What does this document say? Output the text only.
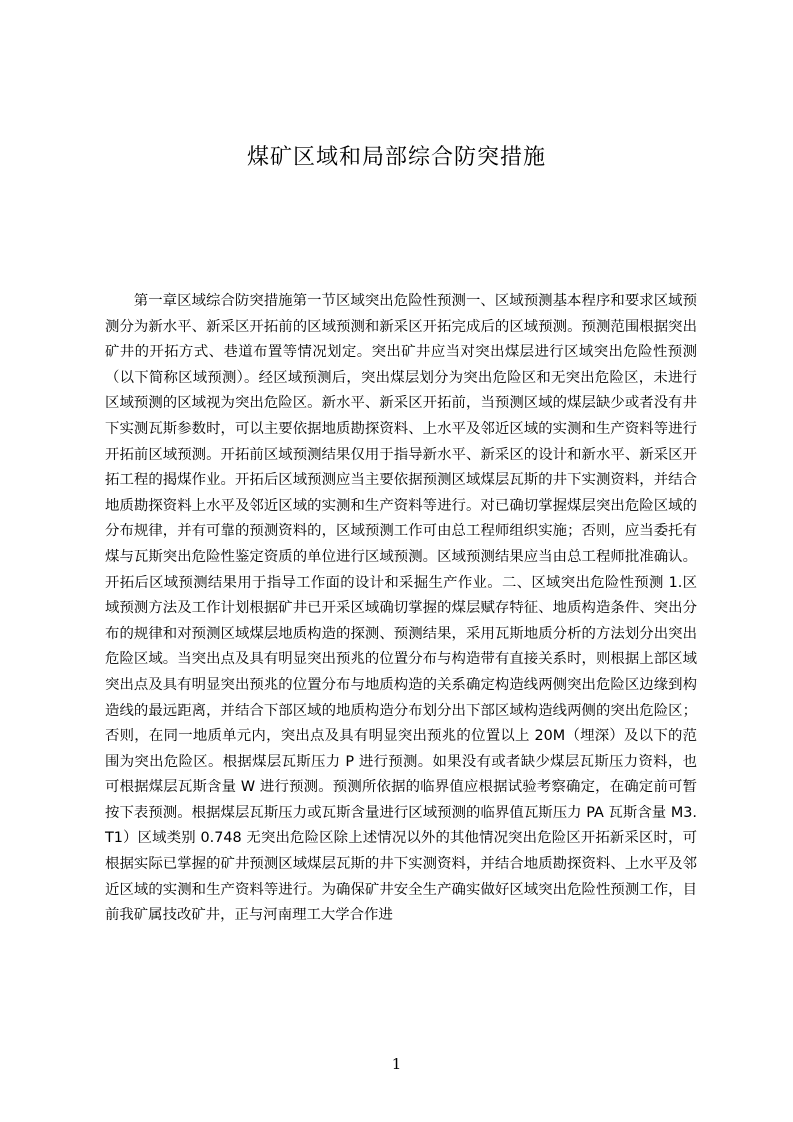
煤矿区域和局部综合防突措施

第一章区域综合防突措施第一节区域突出危险性预测一、区域预测基本程序和要求区域预测分为新水平、新采区开拓前的区域预测和新采区开拓完成后的区域预测。预测范围根据突出矿井的开拓方式、巷道布置等情况划定。突出矿井应当对突出煤层进行区域突出危险性预测（以下简称区域预测）。经区域预测后，突出煤层划分为突出危险区和无突出危险区，未进行区域预测的区域视为突出危险区。新水平、新采区开拓前，当预测区域的煤层缺少或者没有井下实测瓦斯参数时，可以主要依据地质勘探资料、上水平及邻近区域的实测和生产资料等进行开拓前区域预测。开拓前区域预测结果仅用于指导新水平、新采区的设计和新水平、新采区开拓工程的揭煤作业。开拓后区域预测应当主要依据预测区域煤层瓦斯的井下实测资料，并结合地质勘探资料上水平及邻近区域的实测和生产资料等进行。对已确切掌握煤层突出危险区域的分布规律，并有可靠的预测资料的，区域预测工作可由总工程师组织实施；否则，应当委托有煤与瓦斯突出危险性鉴定资质的单位进行区域预测。区域预测结果应当由总工程师批准确认。开拓后区域预测结果用于指导工作面的设计和采掘生产作业。二、区域突出危险性预测 1.区域预测方法及工作计划根据矿井已开采区域确切掌握的煤层赋存特征、地质构造条件、突出分布的规律和对预测区域煤层地质构造的探测、预测结果，采用瓦斯地质分析的方法划分出突出危险区域。当突出点及具有明显突出预兆的位置分布与构造带有直接关系时，则根据上部区域突出点及具有明显突出预兆的位置分布与地质构造的关系确定构造线两侧突出危险区边缘到构造线的最远距离，并结合下部区域的地质构造分布划分出下部区域构造线两侧的突出危险区；否则，在同一地质单元内，突出点及具有明显突出预兆的位置以上 20M（埋深）及以下的范围为突出危险区。根据煤层瓦斯压力 P 进行预测。如果没有或者缺少煤层瓦斯压力资料，也可根据煤层瓦斯含量 W 进行预测。预测所依据的临界值应根据试验考察确定，在确定前可暂按下表预测。根据煤层瓦斯压力或瓦斯含量进行区域预测的临界值瓦斯压力 PA 瓦斯含量 M3.T1）区域类别 0.748 无突出危险区除上述情况以外的其他情况突出危险区开拓新采区时，可根据实际已掌握的矿井预测区域煤层瓦斯的井下实测资料，并结合地质勘探资料、上水平及邻近区域的实测和生产资料等进行。为确保矿井安全生产确实做好区域突出危险性预测工作，目前我矿属技改矿井，正与河南理工大学合作进

1
